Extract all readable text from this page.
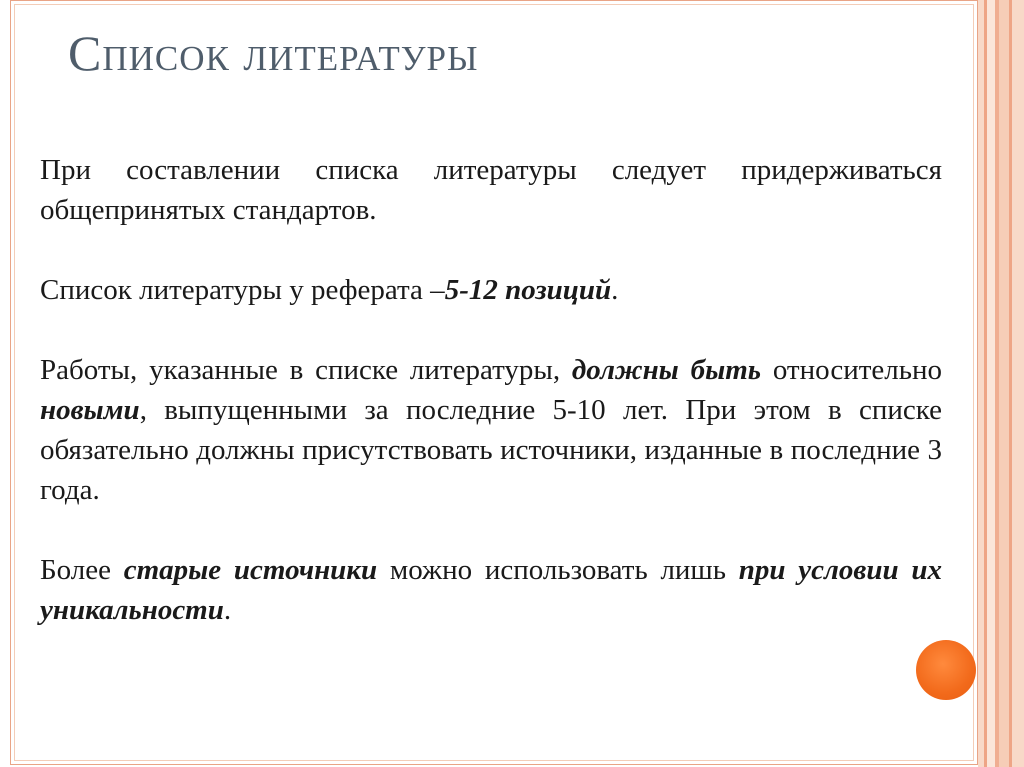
Список литературы

При составлении списка литературы следует придерживаться общепринятых стандартов.

Список литературы у реферата –5-12 позиций.

Работы, указанные в списке литературы, должны быть относительно новыми, выпущенными за последние 5-10 лет. При этом в списке обязательно должны присутствовать источники, изданные в последние 3 года.

Более старые источники можно использовать лишь при условии их уникальности.
